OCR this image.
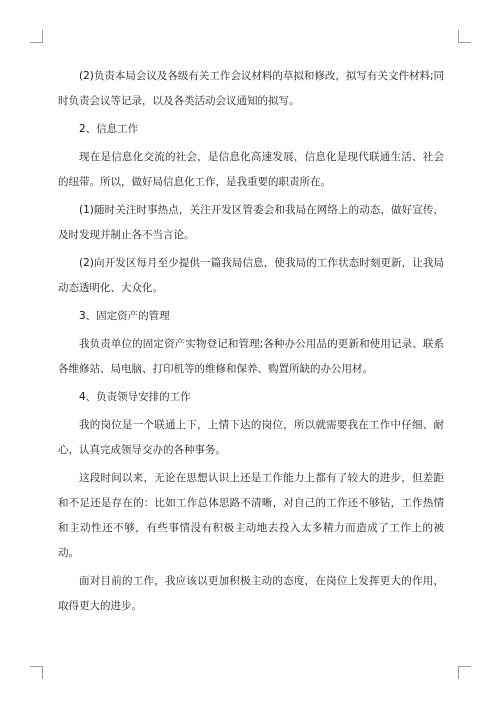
(2)负责本局会议及各级有关工作会议材料的草拟和修改，拟写有关文件材料;同时负责会议等记录，以及各类活动会议通知的拟写。
2、信息工作
现在是信息化交流的社会，是信息化高速发展，信息化是现代联通生活、社会的纽带。所以，做好局信息化工作，是我重要的职责所在。
(1)随时关注时事热点，关注开发区管委会和我局在网络上的动态，做好宣传，及时发现并制止各不当言论。
(2)向开发区每月至少提供一篇我局信息，使我局的工作状态时刻更新，让我局动态透明化、大众化。
3、固定资产的管理
我负责单位的固定资产实物登记和管理;各种办公用品的更新和使用记录、联系各维修站、局电脑、打印机等的维修和保养、购置所缺的办公用材。
4、负责领导安排的工作
我的岗位是一个联通上下，上情下达的岗位，所以就需要我在工作中仔细、耐心，认真完成领导交办的各种事务。
这段时间以来，无论在思想认识上还是工作能力上都有了较大的进步，但差距和不足还是存在的：比如工作总体思路不清晰，对自己的工作还不够钻，工作热情和主动性还不够，有些事情没有积极主动地去投入太多精力而造成了工作上的被动。
面对目前的工作，我应该以更加积极主动的态度，在岗位上发挥更大的作用，取得更大的进步。
